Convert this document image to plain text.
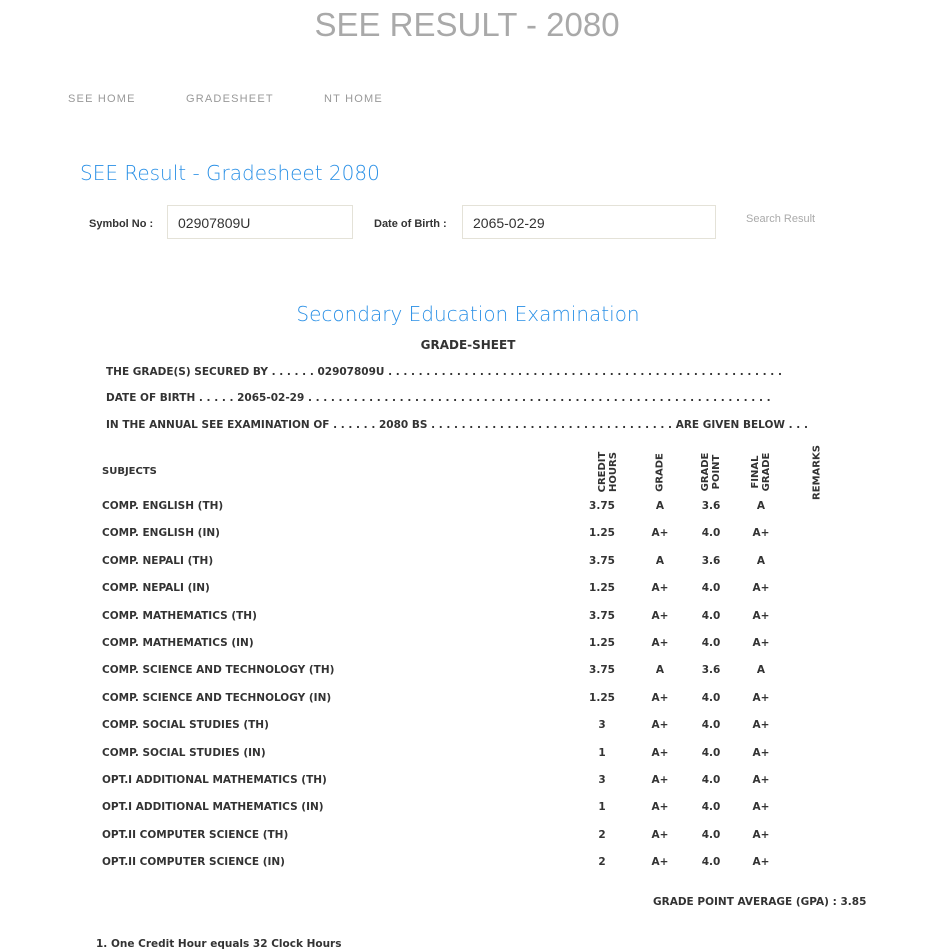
SEE RESULT - 2080
SEE HOME	GRADESHEET	NT HOME
SEE Result - Gradesheet 2080
Symbol No :	02907809U	Date of Birth :	2065-02-29	Search Result
Secondary Education Examination
GRADE-SHEET
THE GRADE(S) SECURED BY . . . . . . 02907809U . . . . . . . . . . . . . . . . . . . . . . . . . . . . . . . . . . . . . . . . . . . . . . . . . . . .
DATE OF BIRTH . . . . . 2065-02-29 . . . . . . . . . . . . . . . . . . . . . . . . . . . . . . . . . . . . . . . . . . . . . . . . . . . . . . . . . . . . .
IN THE ANNUAL SEE EXAMINATION OF . . . . . . 2080 BS . . . . . . . . . . . . . . . . . . . . . . . . . . . . . . . . ARE GIVEN BELOW . . .
SUBJECTS	CREDIT HOURS	GRADE	GRADE POINT	FINAL GRADE	REMARKS
COMP. ENGLISH (TH)	3.75	A	3.6	A
COMP. ENGLISH (IN)	1.25	A+	4.0	A+
COMP. NEPALI (TH)	3.75	A	3.6	A
COMP. NEPALI (IN)	1.25	A+	4.0	A+
COMP. MATHEMATICS (TH)	3.75	A+	4.0	A+
COMP. MATHEMATICS (IN)	1.25	A+	4.0	A+
COMP. SCIENCE AND TECHNOLOGY (TH)	3.75	A	3.6	A
COMP. SCIENCE AND TECHNOLOGY (IN)	1.25	A+	4.0	A+
COMP. SOCIAL STUDIES (TH)	3	A+	4.0	A+
COMP. SOCIAL STUDIES (IN)	1	A+	4.0	A+
OPT.I ADDITIONAL MATHEMATICS (TH)	3	A+	4.0	A+
OPT.I ADDITIONAL MATHEMATICS (IN)	1	A+	4.0	A+
OPT.II COMPUTER SCIENCE (TH)	2	A+	4.0	A+
OPT.II COMPUTER SCIENCE (IN)	2	A+	4.0	A+
GRADE POINT AVERAGE (GPA) : 3.85
1. One Credit Hour equals 32 Clock Hours
